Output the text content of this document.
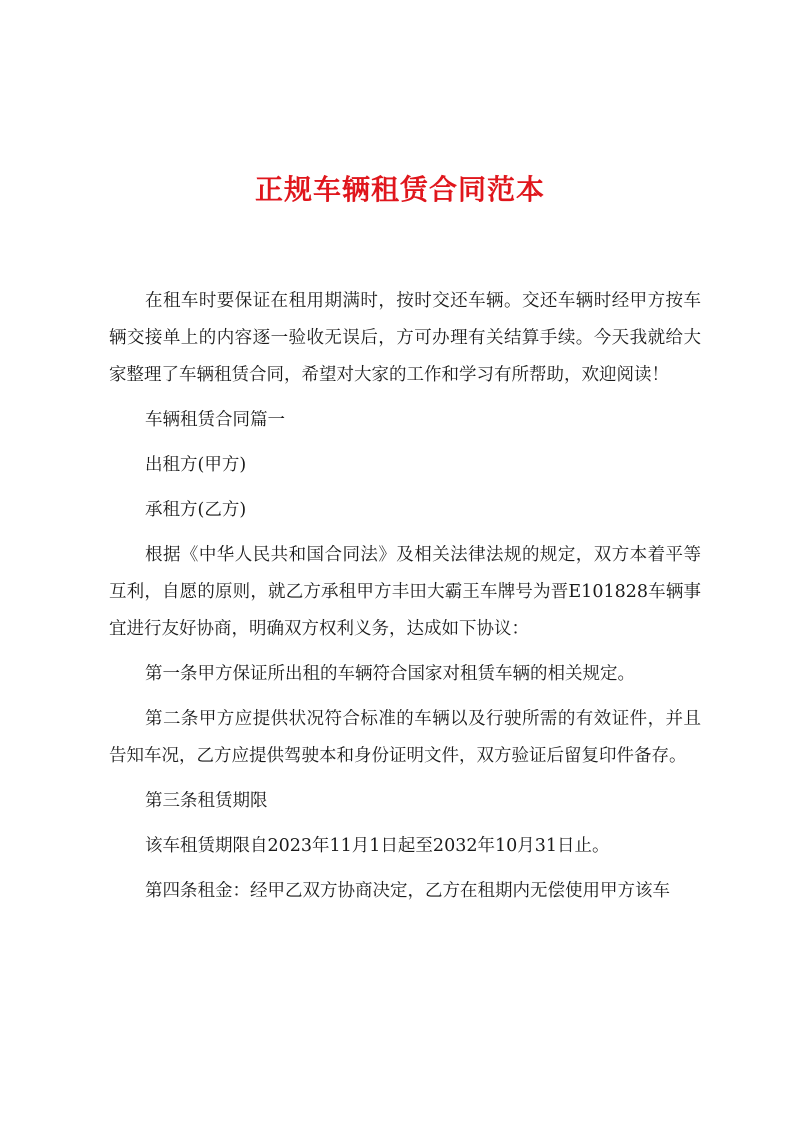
正规车辆租赁合同范本

在租车时要保证在租用期满时，按时交还车辆。交还车辆时经甲方按车辆交接单上的内容逐一验收无误后，方可办理有关结算手续。今天我就给大家整理了车辆租赁合同，希望对大家的工作和学习有所帮助，欢迎阅读！

车辆租赁合同篇一

出租方(甲方)

承租方(乙方)

根据《中华人民共和国合同法》及相关法律法规的规定，双方本着平等互利，自愿的原则，就乙方承租甲方丰田大霸王车牌号为晋E101828车辆事宜进行友好协商，明确双方权利义务，达成如下协议：

第一条甲方保证所出租的车辆符合国家对租赁车辆的相关规定。

第二条甲方应提供状况符合标准的车辆以及行驶所需的有效证件，并且告知车况，乙方应提供驾驶本和身份证明文件，双方验证后留复印件备存。

第三条租赁期限

该车租赁期限自2023年11月1日起至2032年10月31日止。

第四条租金：经甲乙双方协商决定，乙方在租期内无偿使用甲方该车
